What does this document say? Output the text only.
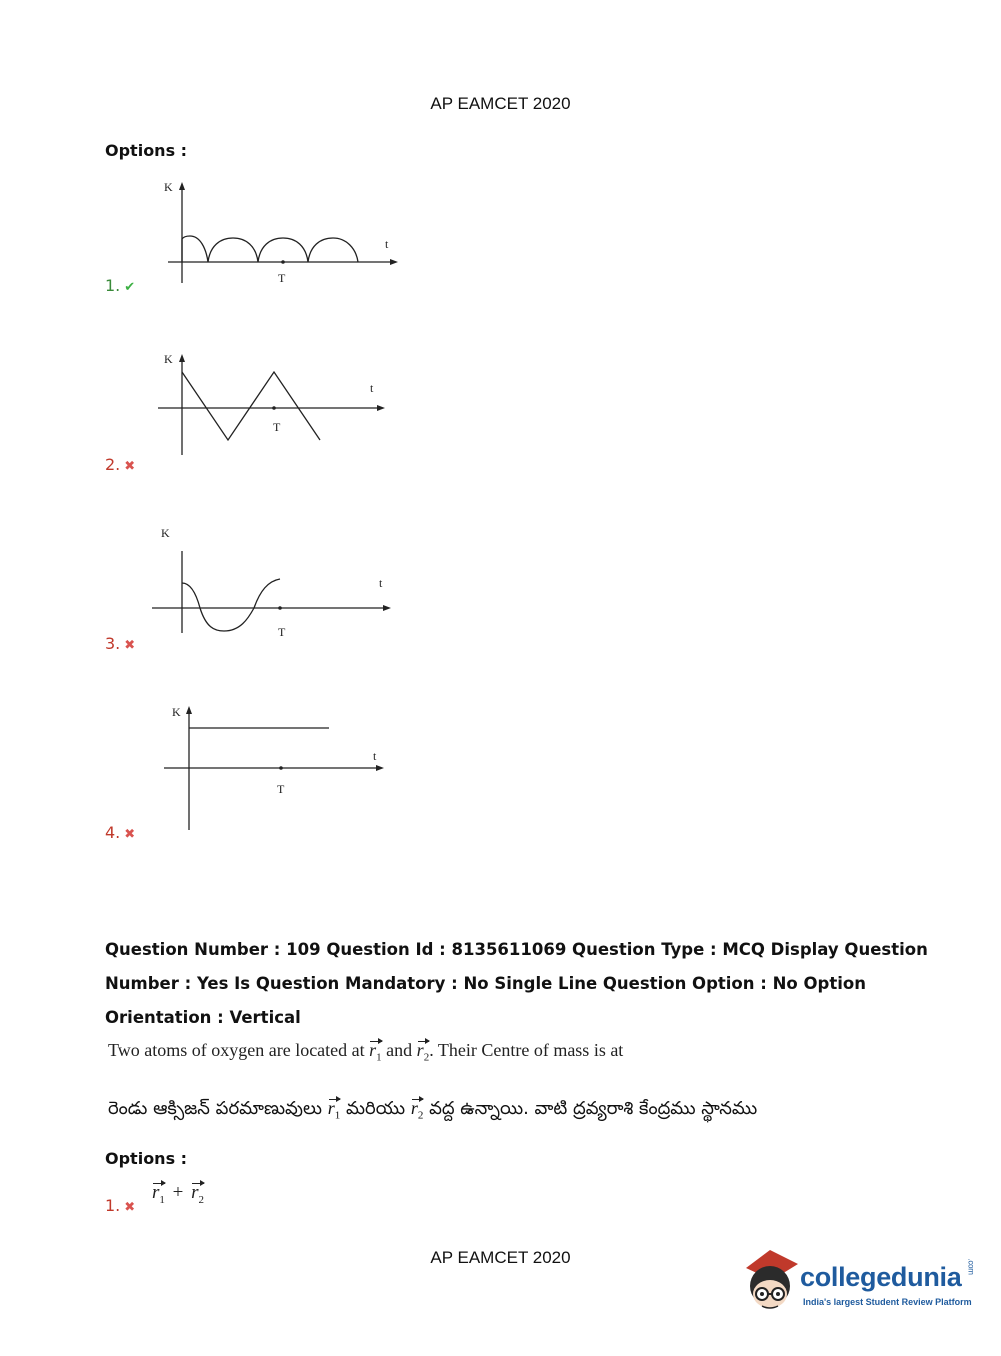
AP EAMCET 2020
Options :
K
t
T
1. ✔
K
t
T
2. ✖
K
t
T
3. ✖
K
t
T
4. ✖
Question Number : 109 Question Id : 8135611069 Question Type : MCQ Display Question
Number : Yes Is Question Mandatory : No Single Line Question Option : No Option
Orientation : Vertical
Two atoms of oxygen are located at $r_1$ and $r_2$. Their Centre of mass is at
రెండు ఆక్సిజన్ పరమాణువులు $r_1$ మరియు $r_2$ వద్ద ఉన్నాయి. వాటి ద్రవ్యరాశి కేంద్రము స్థానము
Options :
1. ✖
$r_1 + r_2$
AP EAMCET 2020
collegedunia .com
India's largest Student Review Platform
